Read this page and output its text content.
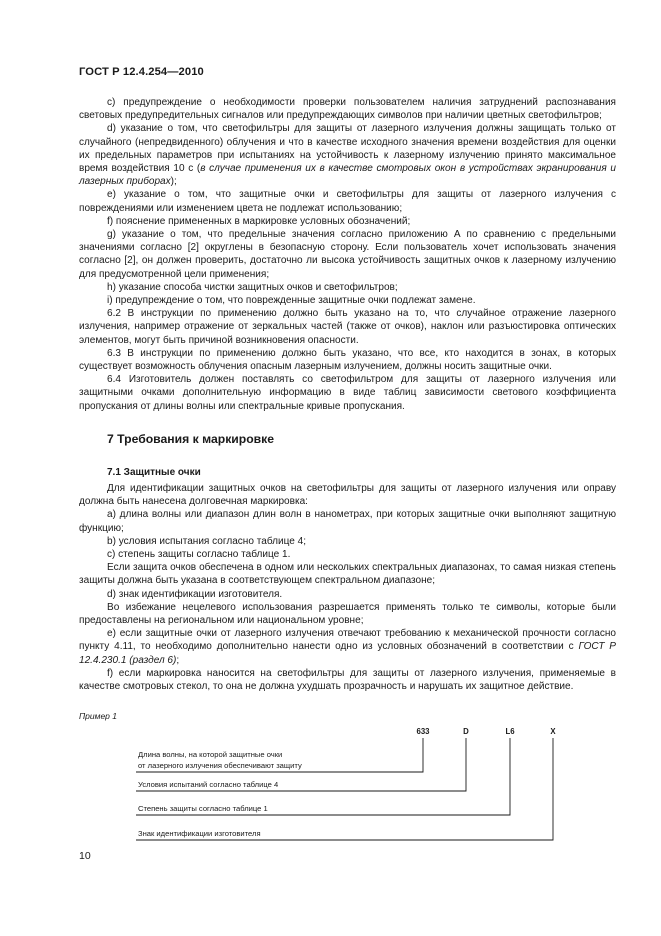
ГОСТ Р 12.4.254—2010

c) предупреждение о необходимости проверки пользователем наличия затруднений распознавания световых предупредительных сигналов или предупреждающих символов при наличии цветных светофильтров;

d) указание о том, что светофильтры для защиты от лазерного излучения должны защищать только от случайного (непредвиденного) облучения и что в качестве исходного значения времени воздействия для оценки их предельных параметров при испытаниях на устойчивость к лазерному излучению принято максимальное время воздействия 10 с (в случае применения их в качестве смотровых окон в устройствах экранирования и лазерных приборах);

e) указание о том, что защитные очки и светофильтры для защиты от лазерного излучения с повреждениями или изменением цвета не подлежат использованию;

f) пояснение примененных в маркировке условных обозначений;

g) указание о том, что предельные значения согласно приложению А по сравнению с предельными значениями согласно [2] округлены в безопасную сторону. Если пользователь хочет использовать значения согласно [2], он должен проверить, достаточно ли высока устойчивость защитных очков к лазерному излучению для предусмотренной цели применения;

h) указание способа чистки защитных очков и светофильтров;

i) предупреждение о том, что поврежденные защитные очки подлежат замене.

6.2 В инструкции по применению должно быть указано на то, что случайное отражение лазерного излучения, например отражение от зеркальных частей (также от очков), наклон или разъюстировка оптических элементов, могут быть причиной возникновения опасности.

6.3 В инструкции по применению должно быть указано, что все, кто находится в зонах, в которых существует возможность облучения опасным лазерным излучением, должны носить защитные очки.

6.4 Изготовитель должен поставлять со светофильтром для защиты от лазерного излучения или защитными очками дополнительную информацию в виде таблиц зависимости светового коэффициента пропускания от длины волны или спектральные кривые пропускания.

7 Требования к маркировке
7.1 Защитные очки

Для идентификации защитных очков на светофильтры для защиты от лазерного излучения или оправу должна быть нанесена долговечная маркировка:

a) длина волны или диапазон длин волн в нанометрах, при которых защитные очки выполняют защитную функцию;

b) условия испытания согласно таблице 4;

c) степень защиты согласно таблице 1.

Если защита очков обеспечена в одном или нескольких спектральных диапазонах, то самая низкая степень защиты должна быть указана в соответствующем спектральном диапазоне;

d) знак идентификации изготовителя.

Во избежание нецелевого использования разрешается применять только те символы, которые были предоставлены на региональном или национальном уровне;

e) если защитные очки от лазерного излучения отвечают требованию к механической прочности согласно пункту 4.11, то необходимо дополнительно нанести одно из условных обозначений в соответствии с ГОСТ Р 12.4.230.1 (раздел 6);

f) если маркировка наносится на светофильтры для защиты от лазерного излучения, применяемые в качестве смотровых стекол, то она не должна ухудшать прозрачность и нарушать их защитное действие.

Пример 1
633	D	L6	X
Длина волны, на которой защитные очки
от лазерного излучения обеспечивают защиту
Условия испытаний согласно таблице 4
Степень защиты согласно таблице 1
Знак идентификации изготовителя
10
